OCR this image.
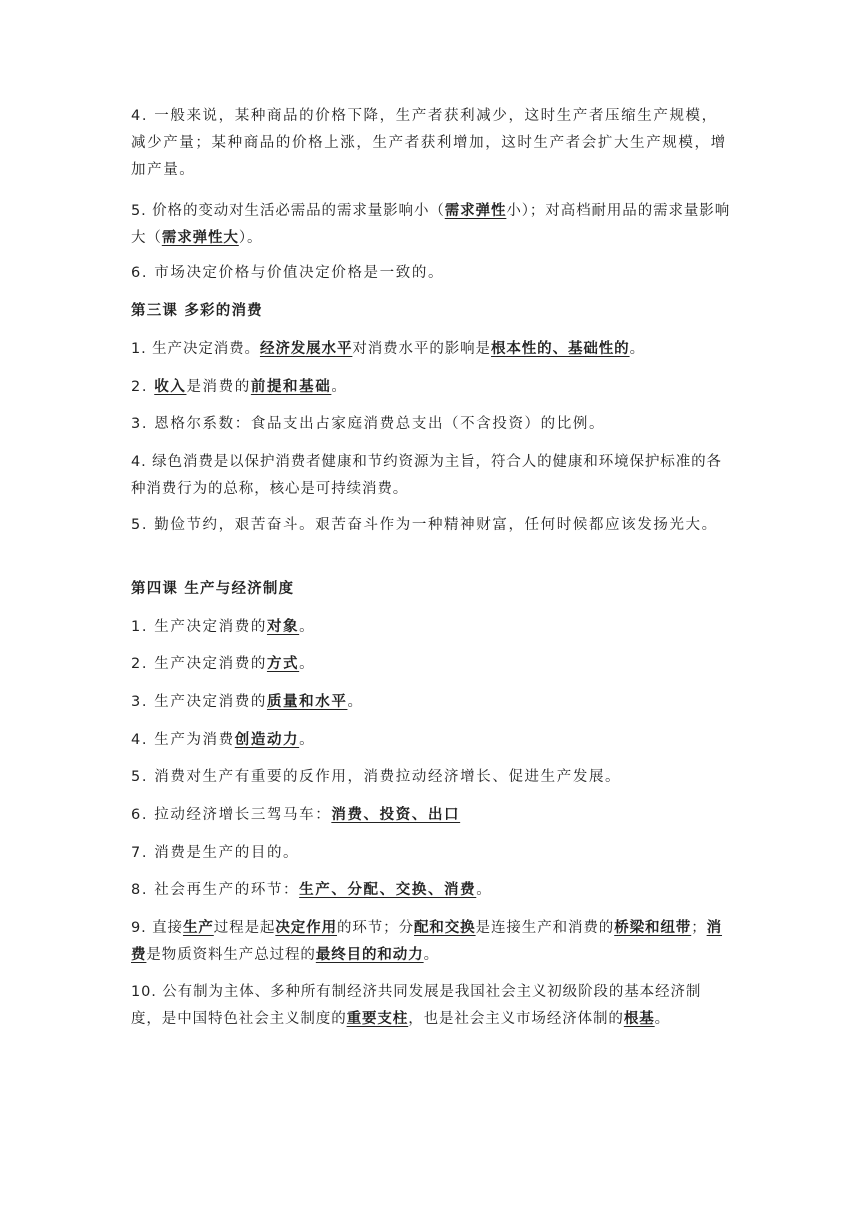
4. 一般来说，某种商品的价格下降，生产者获利减少，这时生产者压缩生产规模，减少产量；某种商品的价格上涨，生产者获利增加，这时生产者会扩大生产规模，增加产量。
5. 价格的变动对生活必需品的需求量影响小（需求弹性小）；对高档耐用品的需求量影响大（需求弹性大）。
6. 市场决定价格与价值决定价格是一致的。
第三课 多彩的消费
1. 生产决定消费。经济发展水平对消费水平的影响是根本性的、基础性的。
2. 收入是消费的前提和基础。
3. 恩格尔系数：食品支出占家庭消费总支出（不含投资）的比例。
4. 绿色消费是以保护消费者健康和节约资源为主旨，符合人的健康和环境保护标准的各种消费行为的总称，核心是可持续消费。
5. 勤俭节约，艰苦奋斗。艰苦奋斗作为一种精神财富，任何时候都应该发扬光大。
第四课 生产与经济制度
1. 生产决定消费的对象。
2. 生产决定消费的方式。
3. 生产决定消费的质量和水平。
4. 生产为消费创造动力。
5. 消费对生产有重要的反作用，消费拉动经济增长、促进生产发展。
6. 拉动经济增长三驾马车：消费、投资、出口
7. 消费是生产的目的。
8. 社会再生产的环节：生产、分配、交换、消费。
9. 直接生产过程是起决定作用的环节；分配和交换是连接生产和消费的桥梁和纽带；消费是物质资料生产总过程的最终目的和动力。
10. 公有制为主体、多种所有制经济共同发展是我国社会主义初级阶段的基本经济制度，是中国特色社会主义制度的重要支柱，也是社会主义市场经济体制的根基。
